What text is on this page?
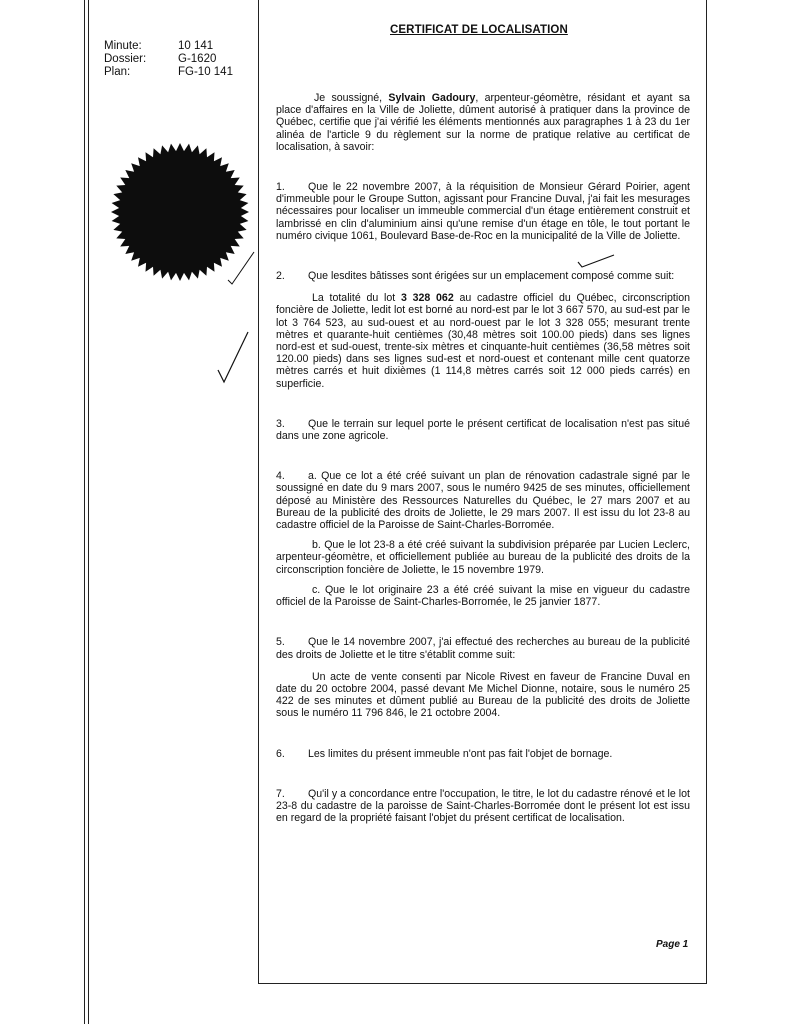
Minute:	10 141
Dossier:	G-1620
Plan:	FG-10 141
CERTIFICAT DE LOCALISATION

Je soussigné, Sylvain Gadoury, arpenteur-géomètre, résidant et ayant sa place d'affaires en la Ville de Joliette, dûment autorisé à pratiquer dans la province de Québec, certifie que j'ai vérifié les éléments mentionnés aux paragraphes 1 à 23 du 1er alinéa de l'article 9 du règlement sur la norme de pratique relative au certificat de localisation, à savoir:

1. Que le 22 novembre 2007, à la réquisition de Monsieur Gérard Poirier, agent d'immeuble pour le Groupe Sutton, agissant pour Francine Duval, j'ai fait les mesurages nécessaires pour localiser un immeuble commercial d'un étage entièrement construit et lambrissé en clin d'aluminium ainsi qu'une remise d'un étage en tôle, le tout portant le numéro civique 1061, Boulevard Base-de-Roc en la municipalité de la Ville de Joliette.

2. Que lesdites bâtisses sont érigées sur un emplacement composé comme suit:

La totalité du lot 3 328 062 au cadastre officiel du Québec, circonscription foncière de Joliette, ledit lot est borné au nord-est par le lot 3 667 570, au sud-est par le lot 3 764 523, au sud-ouest et au nord-ouest par le lot 3 328 055; mesurant trente mètres et quarante-huit centièmes (30,48 mètres soit 100.00 pieds) dans ses lignes nord-est et sud-ouest, trente-six mètres et cinquante-huit centièmes (36,58 mètres soit 120.00 pieds) dans ses lignes sud-est et nord-ouest et contenant mille cent quatorze mètres carrés et huit dixièmes (1 114,8 mètres carrés soit 12 000 pieds carrés) en superficie.

3. Que le terrain sur lequel porte le présent certificat de localisation n'est pas situé dans une zone agricole.

4. a. Que ce lot a été créé suivant un plan de rénovation cadastrale signé par le soussigné en date du 9 mars 2007, sous le numéro 9425 de ses minutes, officiellement déposé au Ministère des Ressources Naturelles du Québec, le 27 mars 2007 et au Bureau de la publicité des droits de Joliette, le 29 mars 2007. Il est issu du lot 23-8 au cadastre officiel de la Paroisse de Saint-Charles-Borromée.

b. Que le lot 23-8 a été créé suivant la subdivision préparée par Lucien Leclerc, arpenteur-géomètre, et officiellement publiée au bureau de la publicité des droits de la circonscription foncière de Joliette, le 15 novembre 1979.

c. Que le lot originaire 23 a été créé suivant la mise en vigueur du cadastre officiel de la Paroisse de Saint-Charles-Borromée, le 25 janvier 1877.

5. Que le 14 novembre 2007, j'ai effectué des recherches au bureau de la publicité des droits de Joliette et le titre s'établit comme suit:

Un acte de vente consenti par Nicole Rivest en faveur de Francine Duval en date du 20 octobre 2004, passé devant Me Michel Dionne, notaire, sous le numéro 25 422 de ses minutes et dûment publié au Bureau de la publicité des droits de Joliette sous le numéro 11 796 846, le 21 octobre 2004.

6. Les limites du présent immeuble n'ont pas fait l'objet de bornage.

7. Qu'il y a concordance entre l'occupation, le titre, le lot du cadastre rénové et le lot 23-8 du cadastre de la paroisse de Saint-Charles-Borromée dont le présent lot est issu en regard de la propriété faisant l'objet du présent certificat de localisation.

Page 1
